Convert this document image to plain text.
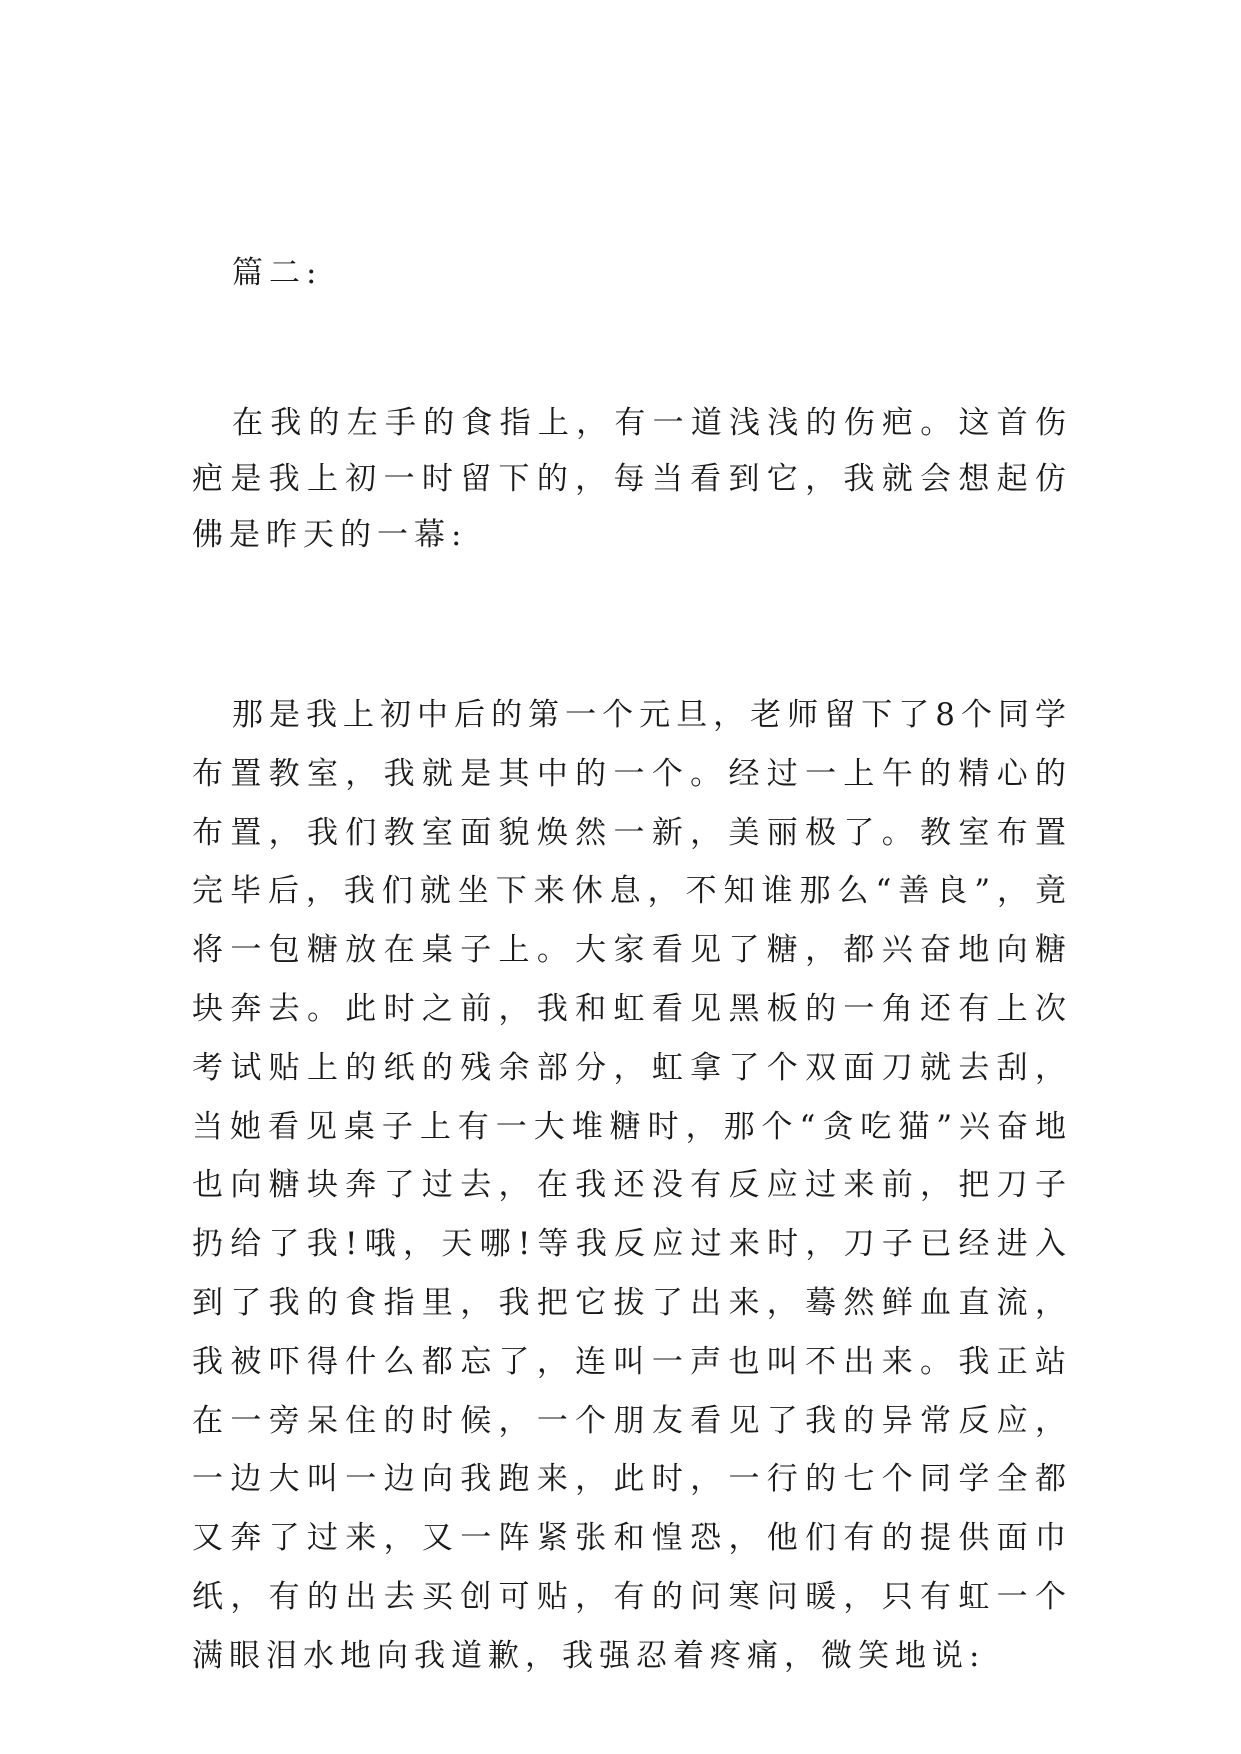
篇二:

在我的左手的食指上，有一道浅浅的伤疤。这首伤疤是我上初一时留下的，每当看到它，我就会想起仿佛是昨天的一幕:

那是我上初中后的第一个元旦，老师留下了8个同学布置教室，我就是其中的一个。经过一上午的精心的布置，我们教室面貌焕然一新，美丽极了。教室布置完毕后，我们就坐下来休息，不知谁那么“善良”，竟将一包糖放在桌子上。大家看见了糖，都兴奋地向糖块奔去。此时之前，我和虹看见黑板的一角还有上次考试贴上的纸的残余部分，虹拿了个双面刀就去刮，当她看见桌子上有一大堆糖时，那个“贪吃猫”兴奋地也向糖块奔了过去，在我还没有反应过来前，把刀子扔给了我!哦，天哪!等我反应过来时，刀子已经进入到了我的食指里，我把它拔了出来，蓦然鲜血直流，我被吓得什么都忘了，连叫一声也叫不出来。我正站在一旁呆住的时候，一个朋友看见了我的异常反应，一边大叫一边向我跑来，此时，一行的七个同学全都又奔了过来，又一阵紧张和惶恐，他们有的提供面巾纸，有的出去买创可贴，有的问寒问暖，只有虹一个满眼泪水地向我道歉，我强忍着疼痛，微笑地说:
